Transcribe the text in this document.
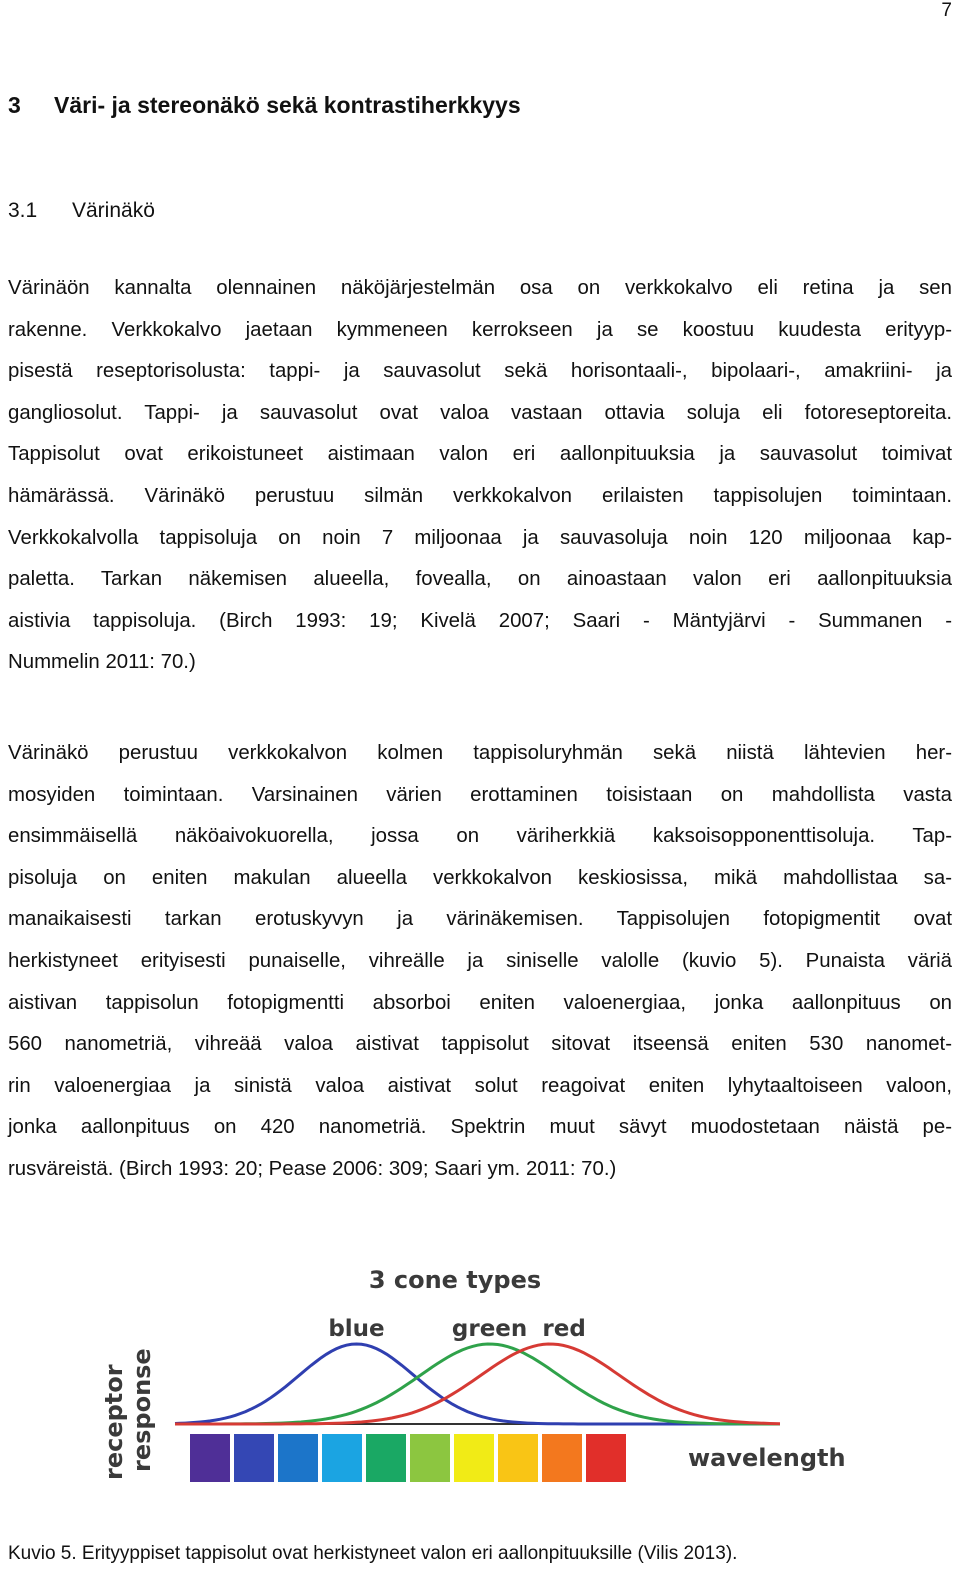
7
3 Väri- ja stereonäkö sekä kontrastiherkkyys
3.1 Värinäkö
Värinäön kannalta olennainen näköjärjestelmän osa on verkkokalvo eli retina ja sen
rakenne. Verkkokalvo jaetaan kymmeneen kerrokseen ja se koostuu kuudesta erityyp-
pisestä reseptorisolusta: tappi- ja sauvasolut sekä horisontaali-, bipolaari-, amakriini- ja
gangliosolut. Tappi- ja sauvasolut ovat valoa vastaan ottavia soluja eli fotoreseptoreita.
Tappisolut ovat erikoistuneet aistimaan valon eri aallonpituuksia ja sauvasolut toimivat
hämärässä. Värinäkö perustuu silmän verkkokalvon erilaisten tappisolujen toimintaan.
Verkkokalvolla tappisoluja on noin 7 miljoonaa ja sauvasoluja noin 120 miljoonaa kap-
paletta. Tarkan näkemisen alueella, fovealla, on ainoastaan valon eri aallonpituuksia
aistivia tappisoluja. (Birch 1993: 19; Kivelä 2007; Saari - Mäntyjärvi - Summanen -
Nummelin 2011: 70.)
Värinäkö perustuu verkkokalvon kolmen tappisoluryhmän sekä niistä lähtevien her-
mosyiden toimintaan. Varsinainen värien erottaminen toisistaan on mahdollista vasta
ensimmäisellä näköaivokuorella, jossa on väriherkkiä kaksoisopponenttisoluja. Tap-
pisoluja on eniten makulan alueella verkkokalvon keskiosissa, mikä mahdollistaa sa-
manaikaisesti tarkan erotuskyvyn ja värinäkemisen. Tappisolujen fotopigmentit ovat
herkistyneet erityisesti punaiselle, vihreälle ja siniselle valolle (kuvio 5). Punaista väriä
aistivan tappisolun fotopigmentti absorboi eniten valoenergiaa, jonka aallonpituus on
560 nanometriä, vihreää valoa aistivat tappisolut sitovat itseensä eniten 530 nanomet-
rin valoenergiaa ja sinistä valoa aistivat solut reagoivat eniten lyhytaaltoiseen valoon,
jonka aallonpituus on 420 nanometriä. Spektrin muut sävyt muodostetaan näistä pe-
rusväreistä. (Birch 1993: 20; Pease 2006: 309; Saari ym. 2011: 70.)
3 cone types
receptor response
blue	green red
wavelength
Kuvio 5. Erityyppiset tappisolut ovat herkistyneet valon eri aallonpituuksille (Vilis 2013).
